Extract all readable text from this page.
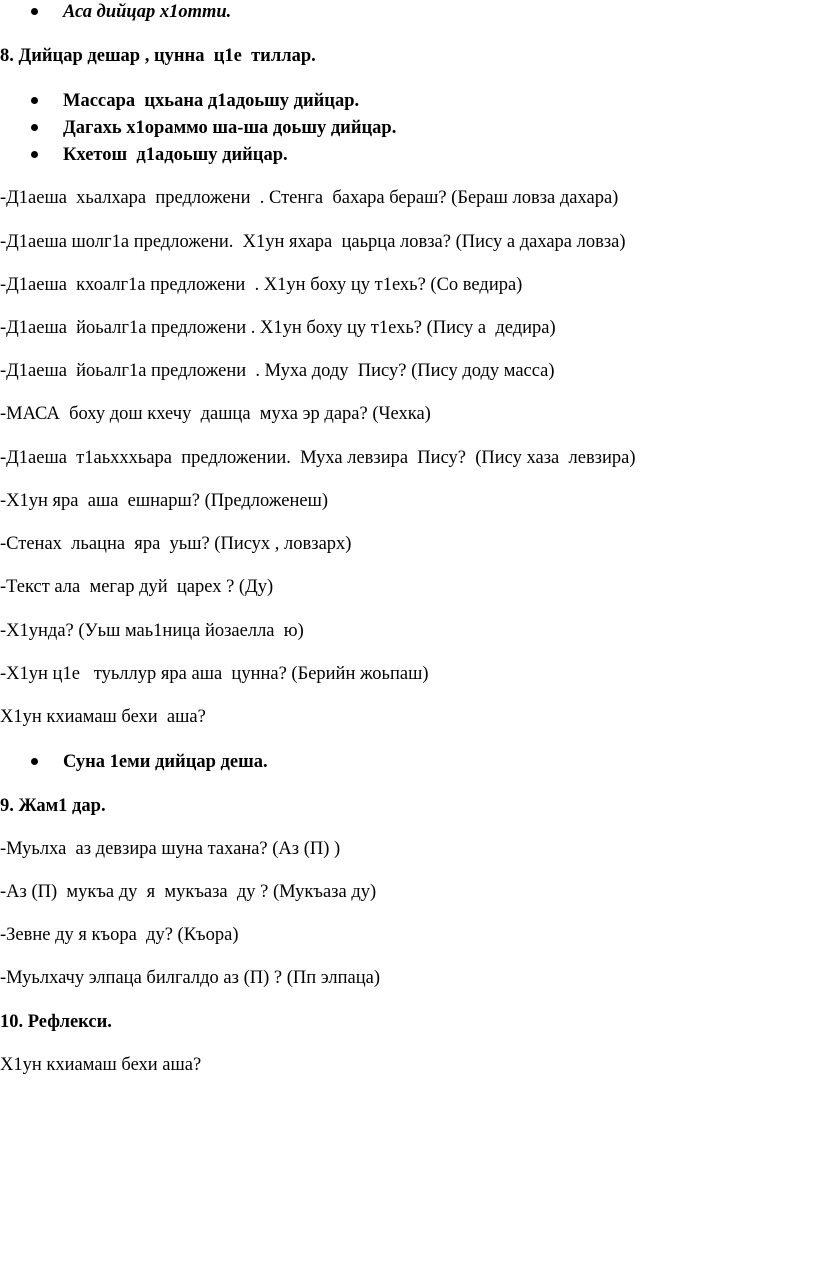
Аса дийцар х1отти.

8. Дийцар дешар , цунна  ц1е  тиллар.

Массара  цхьана д1адоьшу дийцар.

Дагахь х1ораммо ша-ша доьшу дийцар.

Кхетош  д1адоьшу дийцар.

-Д1аеша  хьалхара  предложени  . Стенга  бахара бераш? (Бераш ловза дахара)
-Д1аеша шолг1а предложени.  Х1ун яхара  цаьрца ловза? (Пису а дахара ловза)
-Д1аеша  кхоалг1а предложени  . Х1ун боху цу т1ехь? (Со ведира)
-Д1аеша  йоьалг1а предложени . Х1ун боху цу т1ехь? (Пису а  дедира)
-Д1аеша  йоьалг1а предложени  . Муха доду  Пису? (Пису доду масса)
-МАСА  боху дош кхечу  дашца  муха эр дара? (Чехка)
-Д1аеша  т1аьхххьара  предложении.  Муха левзира  Пису?  (Пису хаза  левзира)
-Х1ун яра  аша  ешнарш? (Предложенеш)
-Стенах  льацна  яра  уьш? (Писух , ловзарх)
-Текст ала  мегар дуй  царех ? (Ду)
-Х1унда? (Уьш маь1ница йозаелла  ю)
-Х1ун ц1е   туьллур яра аша  цунна? (Берийн жоьпаш)
Х1ун кхиамаш бехи  аша?

Суна 1еми дийцар деша.

9. Жам1 дар.
-Муьлха  аз девзира шуна тахана? (Аз (П) )
-Аз (П)  мукъа ду  я  мукъаза  ду ? (Мукъаза ду)
-Зевне ду я къора  ду? (Къора)
-Муьлхачу элпаца билгалдо аз (П) ? (Пп элпаца)
10. Рефлекси.
Х1ун кхиамаш бехи аша?
